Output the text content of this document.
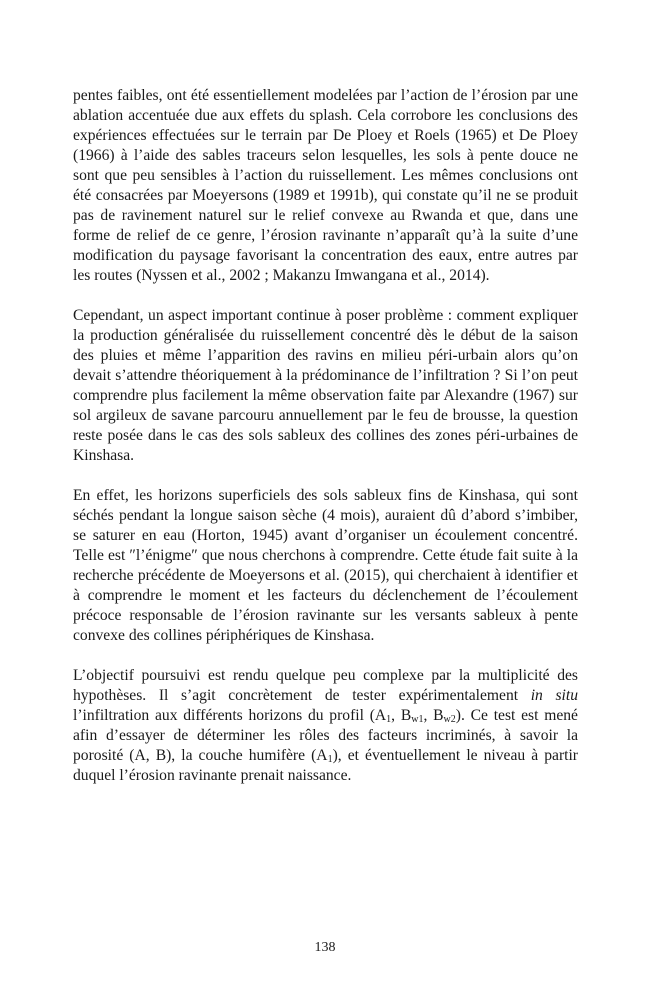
pentes faibles, ont été essentiellement modelées par l’action de l’érosion par une ablation accentuée due aux effets du splash. Cela corrobore les conclusions des expériences effectuées sur le terrain par De Ploey et Roels (1965) et De Ploey (1966) à l’aide des sables traceurs selon lesquelles, les sols à pente douce ne sont que peu sensibles à l’action du ruissellement. Les mêmes conclusions ont été consacrées par Moeyersons (1989 et 1991b), qui constate qu’il ne se produit pas de ravinement naturel sur le relief convexe au Rwanda et que, dans une forme de relief de ce genre, l’érosion ravinante n’apparaît qu’à la suite d’une modification du paysage favorisant la concentration des eaux, entre autres par les routes (Nyssen et al., 2002 ; Makanzu Imwangana et al., 2014).

Cependant, un aspect important continue à poser problème : comment expliquer la production généralisée du ruissellement concentré dès le début de la saison des pluies et même l’apparition des ravins en milieu péri-urbain alors qu’on devait s’attendre théoriquement à la prédominance de l’infiltration ? Si l’on peut comprendre plus facilement la même observation faite par Alexandre (1967) sur sol argileux de savane parcouru annuellement par le feu de brousse, la question reste posée dans le cas des sols sableux des collines des zones péri-urbaines de Kinshasa.

En effet, les horizons superficiels des sols sableux fins de Kinshasa, qui sont séchés pendant la longue saison sèche (4 mois), auraient dû d’abord s’imbiber, se saturer en eau (Horton, 1945) avant d’organiser un écoulement concentré. Telle est ″l’énigme″ que nous cherchons à comprendre. Cette étude fait suite à la recherche précédente de Moeyersons et al. (2015), qui cherchaient à identifier et à comprendre le moment et les facteurs du déclenchement de l’écoulement précoce responsable de l’érosion ravinante sur les versants sableux à pente convexe des collines périphériques de Kinshasa.

L’objectif poursuivi est rendu quelque peu complexe par la multiplicité des hypothèses. Il s’agit concrètement de tester expérimentalement in situ l’infiltration aux différents horizons du profil ($A_1$, $B_{w1}$, $B_{w2}$). Ce test est mené afin d’essayer de déterminer les rôles des facteurs incriminés, à savoir la porosité (A, B), la couche humifère $(A_1)$, et éventuellement le niveau à partir duquel l’érosion ravinante prenait naissance.

138
